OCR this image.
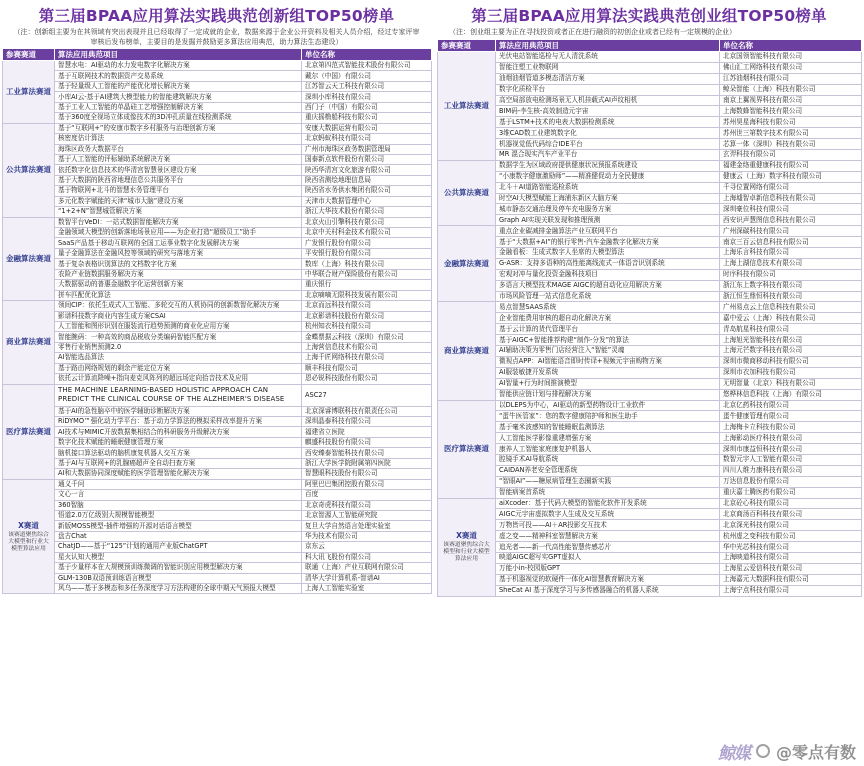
第三届BPAA应用算法实践典范创新组TOP50榜单
（注：创新组主要为在其领域有突出表现并且已经取得了一定成就的企业，数据来源于企业公开资料及相关人员介绍，经过专家评审审核后发布榜单，主要目的是发掘并鼓励更多算法应用典范，助力算法生态建设）
参赛赛道	算法应用典范项目	单位名称
工业算法赛道	智慧水电：AI驱动的水力发电数字化解决方案	北京第四范式智能技术股份有限公司
	基于互联网技术的数据资产交易系统	戴尔（中国）有限公司
	基于轻量级人工智能的产能优化增长解决方案	江苏智云天工科技有限公司
	小库AI云-基于AI建筑大模型能力的智能建筑解决方案	深圳小库科技有限公司
	基于工业人工智能的单晶硅工艺增强控制解决方案	西门子（中国）有限公司
	基于360度全视场立体成像技术的3D冲孔质量在线检测系统	重庆摇橹船科技有限公司
公共算法赛道	基于“互联网+”的安康市数字乡村服务与治理创新方案	安康大数据运营有限公司
	核密度估计算法	北京蚂蚁科技有限公司
	海珠区政务大数据平台	广州市海珠区政务数据管理局
	基于人工智能的评标辅助系统解决方案	国泰新点软件股份有限公司
	依托数字化信息技术的华清宫智慧景区建设方案	陕西华清宫文化旅游有限公司
	基于大数据的陕西省地理信息公共服务平台	陕西省测绘地理信息局
	基于物联网+北斗的智慧水务管理平台	陕西省水务供水集团有限公司
	多元化数字赋能的天津“城市大脑”建设方案	天津市大数据管理中心
	“1+2+N”智慧城管解决方案	浙江大华技术股份有限公司
金融算法赛道	数智平台VeDI：一站式数据智能解决方案	北京火山引擎科技有限公司
	金融领域大模型的创新落地场景应用——为企业打造“超级员工”助手	北京中关村科金技术有限公司
	SaaS产品基于移动互联网的全国工运事业数字化发展解决方案	广发银行股份有限公司
	量子金融算法在金融风控等领域的研究与落地方案	平安银行股份有限公司
	基于复杂表格识别算法的文档数字化方案	数库（上海）科技有限公司
	农险产业链数据服务解决方案	中华联合财产保险股份有限公司
	大数据驱动的普惠金融数字化运营创新方案	重庆银行
	拼车匹配优化算法	北京嘀嘀无限科技发展有限公司
商业算法赛道	领间CIP：依托生成式人工智能、多轮交互的人机协同的创新数智化解决方案	北京而远科技有限公司
	影谱科技数字商业内容生成方案CSAI	北京影谱科技股份有限公司
	人工智能和图形识别在服装流行趋势预测的商业化应用方案	杭州知衣科技有限公司
	智能腕码：一种高效的商品税收分类编码智能匹配方案	金蝶票据云科技（深圳）有限公司
	零售行业销售预测2.0	上海营信息技术有限公司
	AI智能选品算法	上海千匠网络科技有限公司
	基于路由网络规划的剩余产能定位方案	顺丰科技有限公司
	依托云计算流降噪+指向麦克风阵列的超远场定向拾音技术及应用	恩必锐科技股份有限公司
医疗算法赛道	THE MACHINE LEARNING-BASED HOLISTIC APPROACH CAN PREDICT THE CLINICAL COURSE OF THE ALZHEIMER'S DISEASE	ASC27
	基于AI的急性脑卒中的医学辅助诊断解决方案	北京深睿博联科技有限责任公司
	RiDYMO™强化动力学平台：基于动力学算法的模拟采样改率提升方案	深圳晶泰科技有限公司
	AI技术与MIMIC开放数据集相结合的科研服务升级解决方案	福建省立医院
	数字化技术赋能的睡眠健康管理方案	麒盛科技股份有限公司
	脑机接口算法驱动的脑机康复机器人交互方案	西安臻泰智能科技有限公司
	基于AI与互联网+的乳腺癌超声全自动扫查方案	浙江大学医学院附属第四医院
	AI和大数据协同深度赋能的医学管理智能化解决方案	智慧眼科技股份有限公司
X赛道
该赛道聚焦综合大模型和行业大模型算法应用	通义千问	阿里巴巴集团控股有限公司
	文心一言	百度
	360智脑	北京奇虎科技有限公司
	悟道2.0万亿级别大规模智能模型	北京智源人工智能研究院
	新版MOSS模型-插件增强的开源对话语言模型	复旦大学自然语言处理实验室
	盘古Chat	华为技术有限公司
	ChatJD——基于“125”计划的通用产业版ChatGPT	京东云
	星火认知大模型	科大讯飞股份有限公司
	基于少量样本在大规模预训练微调的智能识别应用模型解决方案	联通（上海）产业互联网有限公司
	GLM-130B双语预训练语言模型	清华大学计算机系-智谱AI
	风乌——基于多模态和多任务深度学习方法构建的全球中期天气预报大模型	上海人工智能实验室
第三届BPAA应用算法实践典范创业组TOP50榜单
（注：创业组主要为正在寻找投资或者正在进行融资的初创企业或者已经有一定规模的企业）
参赛赛道	算法应用典范项目	单位名称
工业算法赛道	光伏电站智能巡检与无人清洗系统	北京国领智能科技有限公司
	智能注塑工业物联网	佛山汇工网络科技有限公司
	油烟油烟管道多模态清洁方案	江苏油烟科技有限公司
	数字化质检平台	鲸朵智能（上海）科技有限公司
	高空局部放电检测场景无人机挂载式AI声纹相机	南京上翼视界科技有限公司
	BIM码-李生核-高效制造元宇宙	上海数蜂智能科技有限公司
	基于LSTM+技术的电表大数据检测系统	苏州昊星海科技有限公司
	3维CAD数工业建筑数字化	苏州世三第数字技术有限公司
	机器视觉低代码综合IDE平台	芯算一体（深圳）科技有限公司
	MR 混合现实汽车产业平台	玄羿科技有限公司
公共算法赛道	数据学生为区域政府提供健康状况预报系统建设	福建金络重健康科技有限公司
	“小康数字健康激励师”——精准健促动力全民健康	健康云（上海）数字科技有限公司
	北斗＋AI道路智能巡检系统	千寻位置网络有限公司
	时空AI大模型赋能上海浦东新区大脑方案	上海墟智卓新信息科技有限公司
	城市静态交通治理及停车充电服务方案	深圳豪位科技有限公司
	Graph AI实现关联发现和推理预测	西安识声慧图信息科技有限公司
金融算法赛道	重点企业碳减排金融算法产业互联网平台	广州深碳科技有限公司
	基于“大数据+AI”的银行零售-汽车金融数字化解决方案	南京三百云信息科技有限公司
	金融看板：生成式数字人坐席的大模型算法	上海乐言科技有限公司
	G-ASR：支持多语种的高性能离线流式一体语音识别系统	上海上湖信息技术有限公司
	宏观对冲与量化投资金融科技项目	时序科技有限公司
	多语言大模型技术MAGE AIGC的超自动化应用解决方案	浙江东上数字科技有限公司
	市场风险管理一站式信息化系统	浙江恒生鼎恒科技有限公司
商业算法赛道	易点智慧SAAS系统	广州易点云上信息科技有限公司
	企业智能费用审核的超自动化解决方案	嘉中爱云（上海）科技有限公司
	基于云计算的货代管理平台	青岛航星科技有限公司
	基于AIGC+智能推荐构建“制作-分发”的算法	上海旭光智能科技有限公司
	AI辅助决策为零售门店经营注入“智能”灵魂	上海元芒数字科技有限公司
	微视点APP：AI智能语音即时传译+视频元宇宙购物方案	深圳市微商移动科技有限公司
	AI服装敏捷开发系统	深圳市衣加科技有限公司
	AI智量+行为时间推演模型	无明智量（北京）科技有限公司
	智能供应链计划与排程解决方案	悠桦林信息科技（上海）有限公司
医疗算法赛道	以DLEPS为中心，AI驱动的新型药物设计工业软件	北京亿药科技有限公司
	“蛋牛医管家”：您的数字健康陪护师和医生助手	蛋牛健康管理有限公司
	基于毫米波感知的智能睡眠监测算法	上海梅卡立科技有限公司
	人工智能医学影像重建增强方案	上海影动医疗科技有限公司
	康养人工智能家庭康复护机器人	深圳市康益恒科技有限公司
	腔镜手术AI导航系统	数智元宇人工智能有限公司
	CAIDAN养老安全管理系统	四川人维力康科技有限公司
	“智眼AI”——糖尿病管理生态圈新实践	万达信息股份有限公司
	智能病案首系统	重庆嘉士腾医药有限公司
X赛道
该赛道聚焦综合大模型和行业大模型算法应用	aiXcoder：基于代码大模型的智能化软件开发系统	北京砼心科技有限公司
	AIGC元宇宙虚拟数字人生成及交互系统	北京商汤百科科技有限公司
	万物皆可投——AI＋AR投影交互技术	北京深光科技有限公司
	虚之变——精神科室智慧解决方案	杭州虚之变科技有限公司
	追光者——新一代高性能智慧传感芯片	华中光芯科技有限公司
	映道AIGC超写实GPT虚拟人	上海映道科技有限公司
	万能小in-校园版GPT	上海星云爱信科技有限公司
	基于机器视觉的软硬件一体化AI智慧教育解决方案	上海嘉元大数据科技有限公司
	SheCat AI 基于深度学习与多传感器融合的机器人系统	上海宁点科技有限公司
鲸媒 @零点有数
